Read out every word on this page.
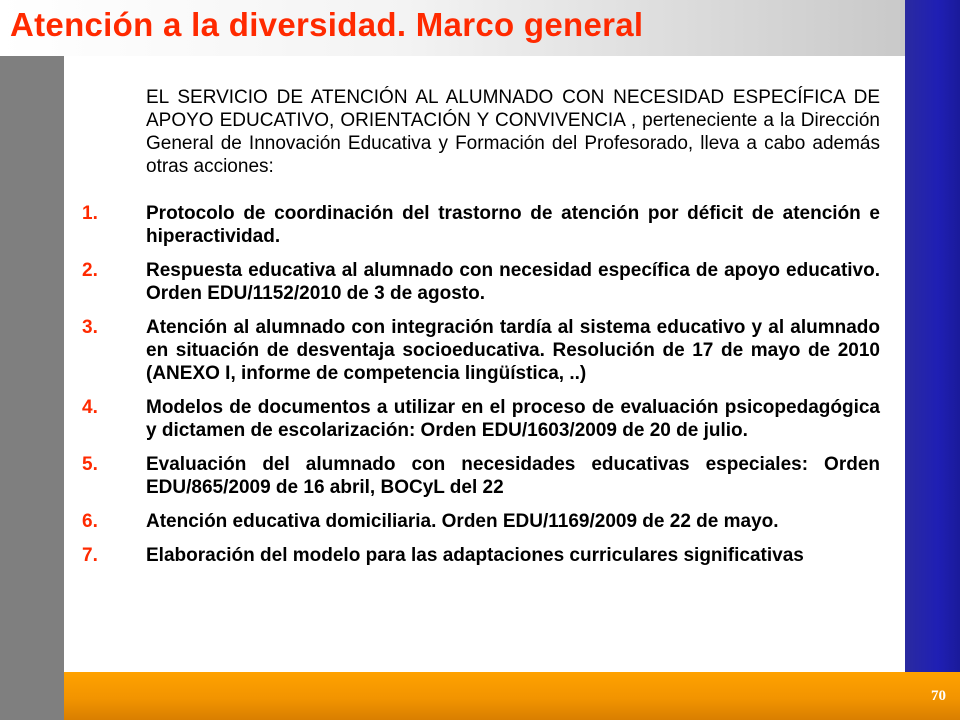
Atención a la diversidad. Marco general
70

EL SERVICIO DE ATENCIÓN AL ALUMNADO CON NECESIDAD ESPECÍFICA DE APOYO EDUCATIVO, ORIENTACIÓN Y CONVIVENCIA , perteneciente a la Dirección General de Innovación Educativa y Formación del Profesorado, lleva a cabo además otras acciones:

1.	Protocolo de coordinación del trastorno de atención por déficit de atención e hiperactividad.
2.	Respuesta educativa al alumnado con necesidad específica de apoyo educativo. Orden EDU/1152/2010 de 3 de agosto.
3.	Atención al alumnado con integración tardía al sistema educativo y al alumnado en situación de desventaja socioeducativa. Resolución de 17 de mayo de 2010 (ANEXO I, informe de competencia lingüística, ..)
4.	Modelos de documentos a utilizar en el proceso de evaluación psicopedagógica y dictamen de escolarización: Orden EDU/1603/2009 de 20 de julio.
5.	Evaluación del alumnado con necesidades educativas especiales: Orden EDU/865/2009 de 16 abril, BOCyL del 22
6.	Atención educativa domiciliaria. Orden EDU/1169/2009 de 22 de mayo.
7.	Elaboración del modelo para las adaptaciones curriculares significativas
